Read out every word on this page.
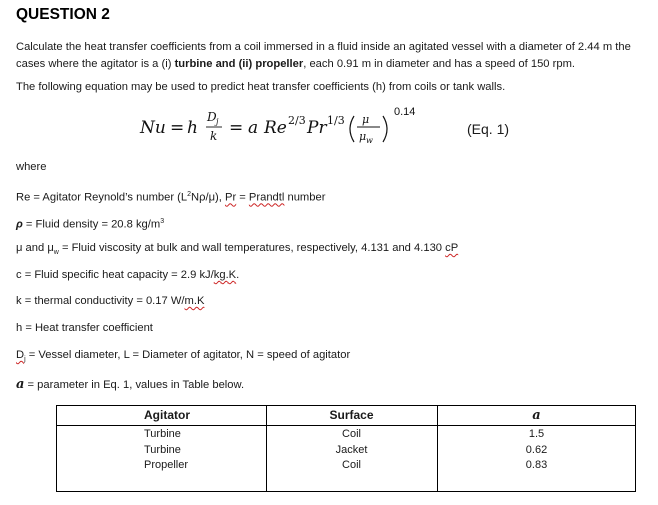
QUESTION 2
Calculate the heat transfer coefficients from a coil immersed in a fluid inside an agitated vessel with a diameter of 2.44 m the cases where the agitator is a (i) turbine and (ii) propeller, each 0.91 m in diameter and has a speed of 150 rpm.
The following equation may be used to predict heat transfer coefficients (h) from coils or tank walls.
Nu = h
D j
k = a Re 2/3 Pr 1/3 μ
μ w
0.14
(Eq. 1)
where
Re = Agitator Reynold’s number $(L^2N\rho/\mu)$, Pr = Prandtl number
ρ = Fluid density = 20.8 $kg/m^3$
μ and $\mu_w$ = Fluid viscosity at bulk and wall temperatures, respectively, 4.131 and 4.130 cP
c = Fluid specific heat capacity = 2.9 kJ/kg.K.
k = thermal conductivity = 0.17 W/m.K
h = Heat transfer coefficient
$D_j$ = Vessel diameter, L = Diameter of agitator, N = speed of agitator
a = parameter in Eq. 1, values in Table below.
Agitator	Surface	a
Turbine	Coil	1.5
Turbine	Jacket	0.62
Propeller	Coil	0.83
